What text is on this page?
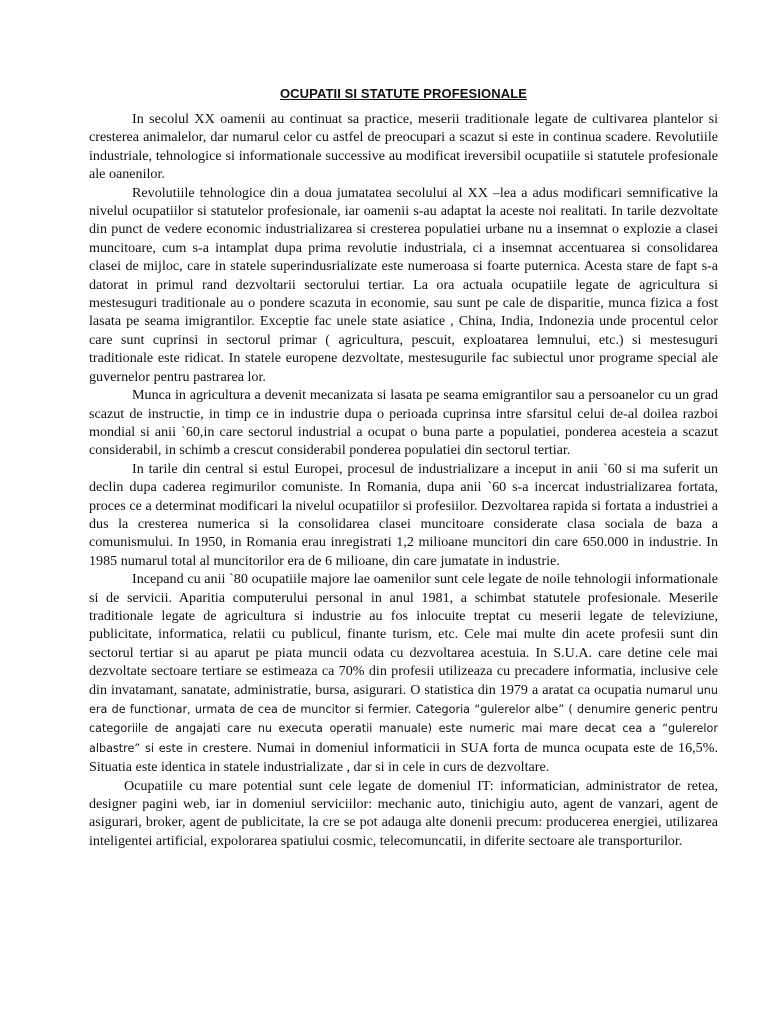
OCUPATII SI STATUTE PROFESIONALE

In secolul XX oamenii au continuat sa practice, meserii traditionale legate de cultivarea plantelor si cresterea animalelor, dar numarul celor cu astfel de preocupari a scazut si este in continua scadere. Revolutiile industriale, tehnologice si informationale successive au modificat ireversibil ocupatiile si statutele profesionale ale oanenilor.

Revolutiile tehnologice din a doua jumatatea secolului al XX –lea a adus modificari semnificative la nivelul ocupatiilor si statutelor profesionale, iar oamenii s-au adaptat la aceste noi realitati. In tarile dezvoltate din punct de vedere economic industrializarea si cresterea populatiei urbane nu a insemnat o explozie a clasei muncitoare, cum s-a intamplat dupa prima revolutie industriala, ci a insemnat accentuarea si consolidarea clasei de mijloc, care in statele superindusrializate este numeroasa si foarte puternica. Acesta stare de fapt s-a datorat in primul rand dezvoltarii sectorului tertiar. La ora actuala ocupatiile legate de agricultura si mestesuguri traditionale au o pondere scazuta in economie, sau sunt pe cale de disparitie, munca fizica a fost lasata pe seama imigrantilor. Exceptie fac unele state asiatice , China, India, Indonezia unde procentul celor care sunt cuprinsi in sectorul primar ( agricultura, pescuit, exploatarea lemnului, etc.) si mestesuguri traditionale este ridicat. In statele europene dezvoltate, mestesugurile fac subiectul unor programe special ale guvernelor pentru pastrarea lor.

Munca in agricultura a devenit mecanizata si lasata pe seama emigrantilor sau a persoanelor cu un grad scazut de instructie, in timp ce in industrie dupa o perioada cuprinsa intre sfarsitul celui de-al doilea razboi mondial si anii `60,in care sectorul industrial a ocupat o buna parte a populatiei, ponderea acesteia a scazut considerabil, in schimb a crescut considerabil ponderea populatiei din sectorul tertiar.

In tarile din central si estul Europei, procesul de industrializare a inceput in anii `60 si ma suferit un declin dupa caderea regimurilor comuniste. In Romania, dupa anii `60 s-a incercat industrializarea fortata, proces ce a determinat modificari la nivelul ocupatiilor si profesiilor. Dezvoltarea rapida si fortata a industriei a dus la cresterea numerica si la consolidarea clasei muncitoare considerate clasa sociala de baza a comunismului. In 1950, in Romania erau inregistrati 1,2 milioane muncitori din care 650.000 in industrie. In 1985 numarul total al muncitorilor era de 6 milioane, din care jumatate in industrie.

Incepand cu anii `80 ocupatiile majore lae oamenilor sunt cele legate de noile tehnologii informationale si de servicii. Aparitia computerului personal in anul 1981, a schimbat statutele profesionale. Meserile traditionale legate de agricultura si industrie au fos inlocuite treptat cu meserii legate de televiziune, publicitate, informatica, relatii cu publicul, finante turism, etc. Cele mai multe din acete profesii sunt din sectorul tertiar si au aparut pe piata muncii odata cu dezvoltarea acestuia. In S.U.A. care detine cele mai dezvoltate sectoare tertiare se estimeaza ca 70% din profesii utilizeaza cu precadere informatia, inclusive cele din invatamant, sanatate, administratie, bursa, asigurari. O statistica din 1979 a aratat ca ocupatia numarul unu era de functionar, urmata de cea de muncitor si fermier. Categoria “gulerelor albe” ( denumire generic pentru categoriile de angajati care nu executa operatii manuale) este numeric mai mare decat cea a “gulerelor albastre” si este in crestere. Numai in domeniul informaticii in SUA forta de munca ocupata este de 16,5%. Situatia este identica in statele industrializate , dar si in cele in curs de dezvoltare.

Ocupatiile cu mare potential sunt cele legate de domeniul IT: informatician, administrator de retea, designer pagini web, iar in domeniul serviciilor: mechanic auto, tinichigiu auto, agent de vanzari, agent de asigurari, broker, agent de publicitate, la cre se pot adauga alte donenii precum: producerea energiei, utilizarea inteligentei artificial, expolorarea spatiului cosmic, telecomuncatii, in diferite sectoare ale transporturilor.
